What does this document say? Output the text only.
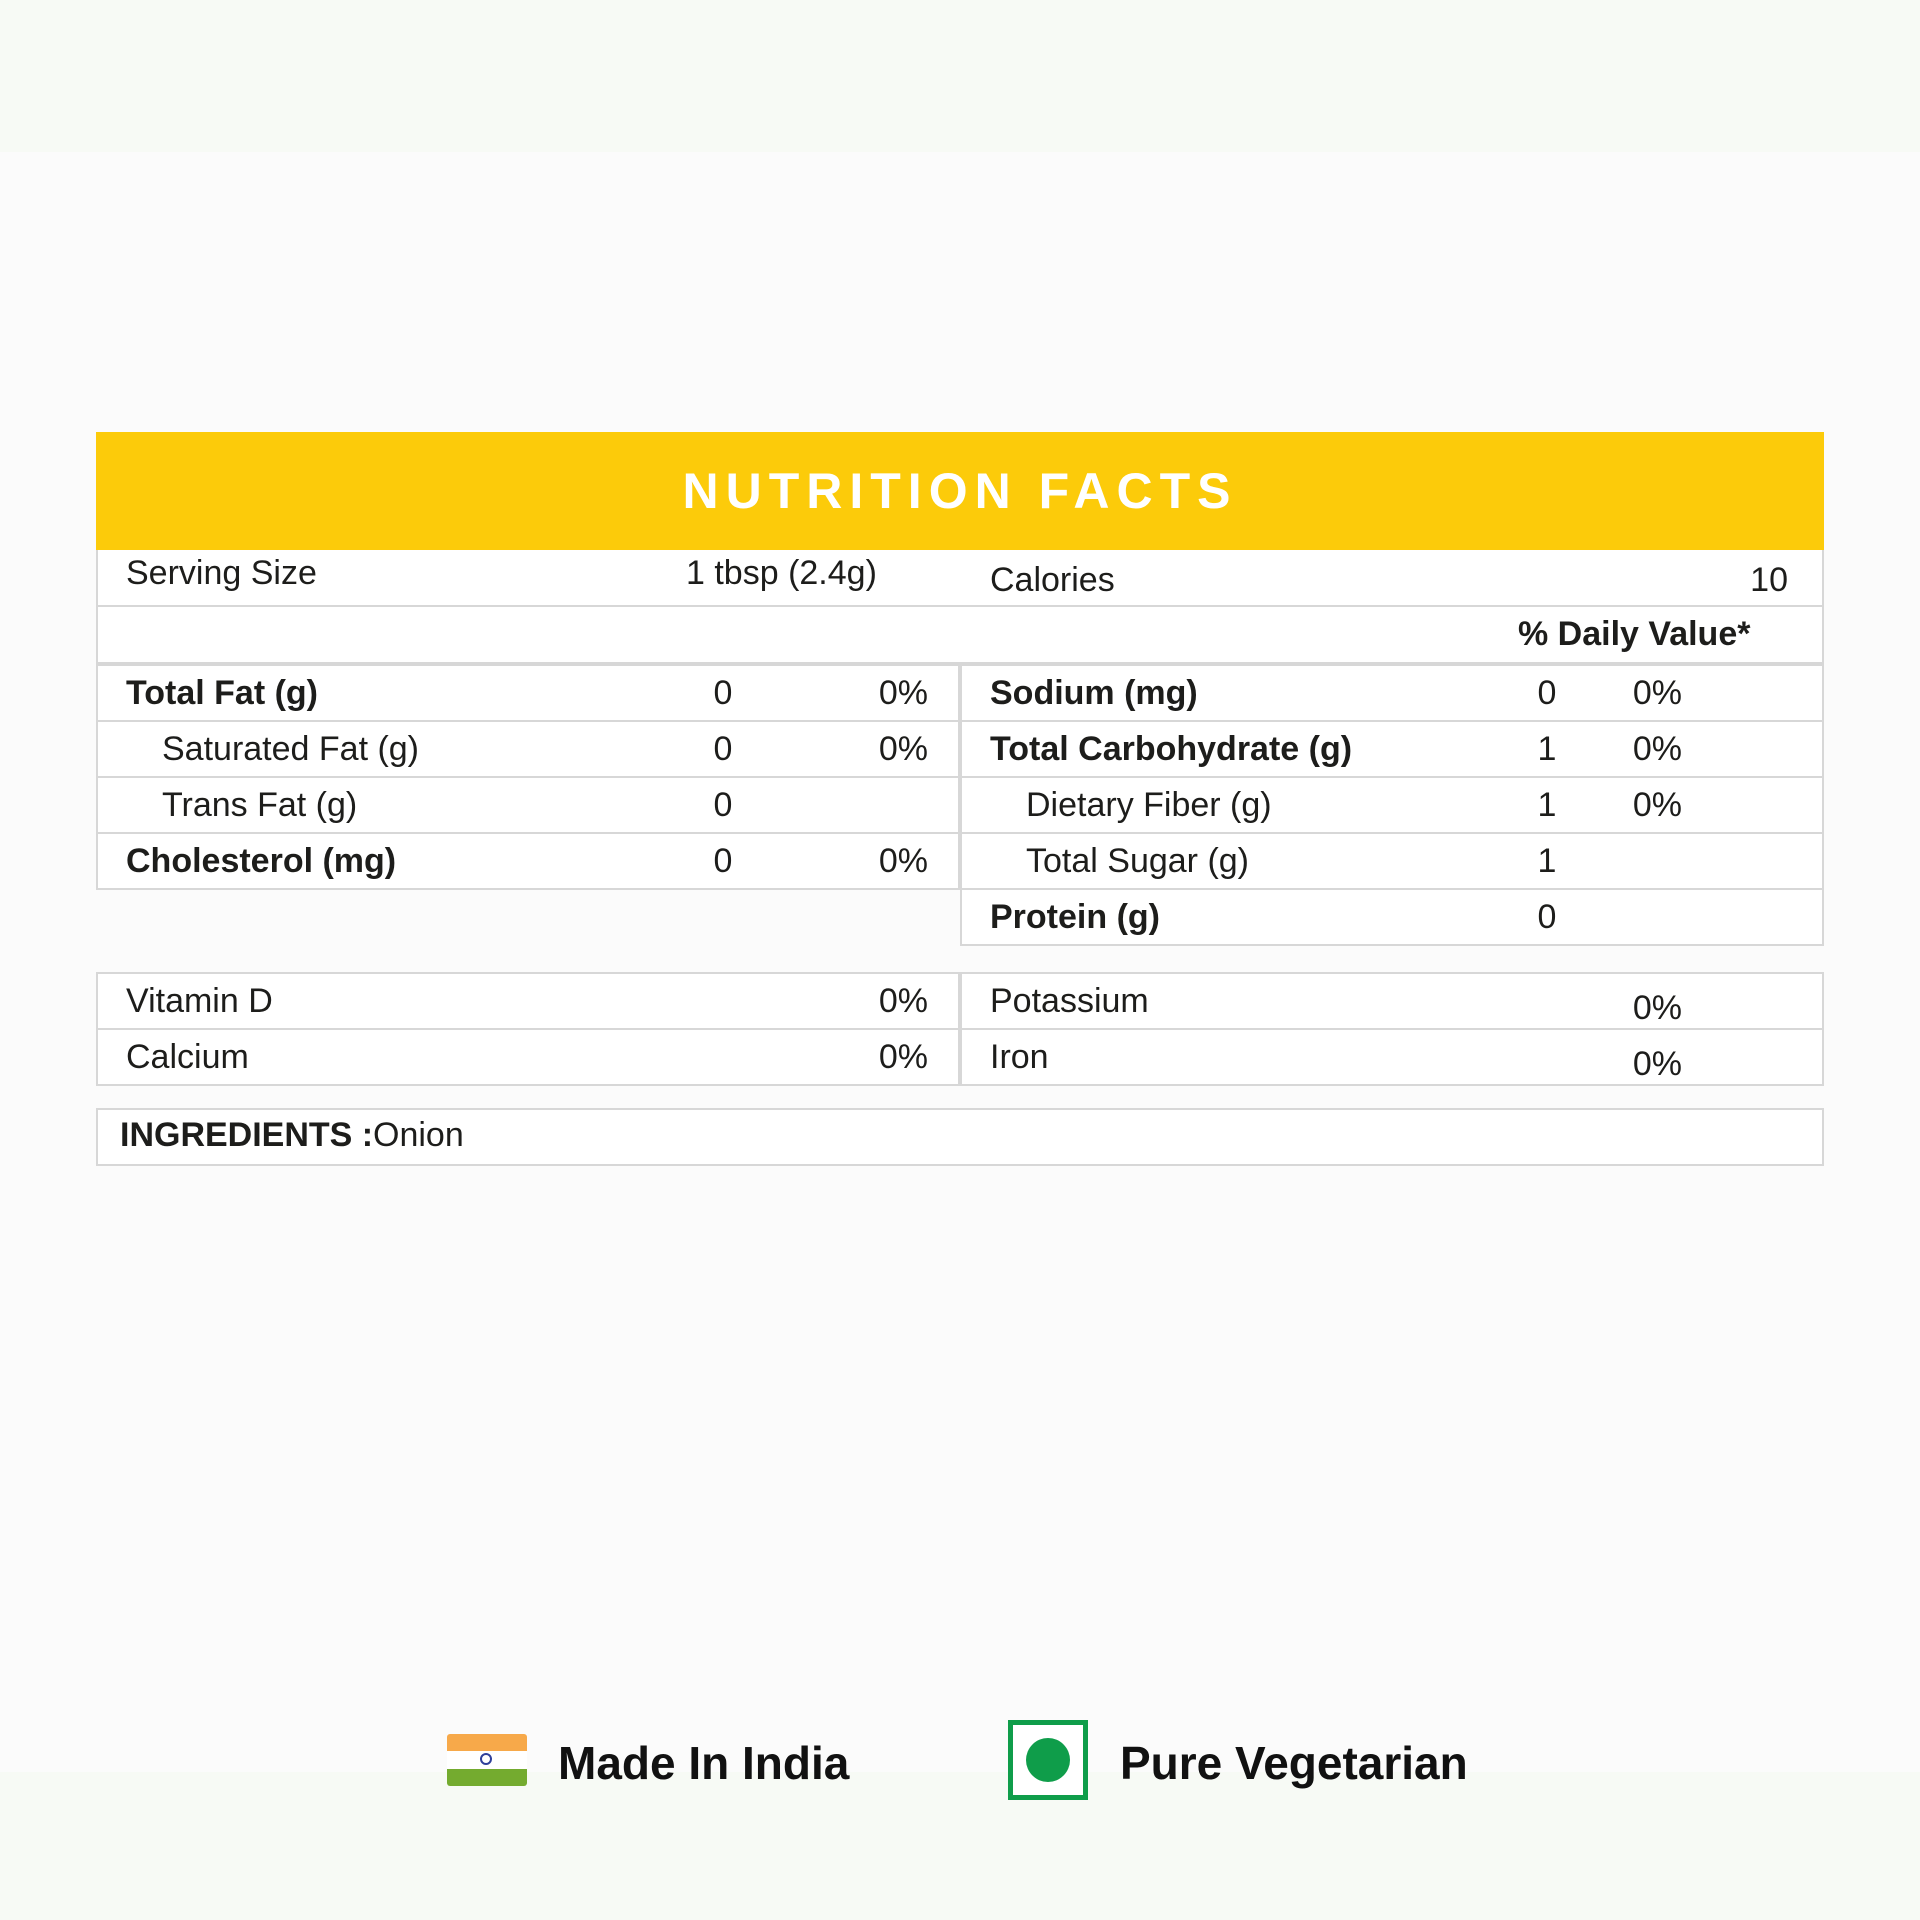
NUTRITION FACTS
Serving Size	1 tbsp (2.4g)	Calories	10
% Daily Value*
Total Fat (g)	0	0%
Saturated Fat (g)	0	0%
Trans Fat (g)	0
Cholesterol (mg)	0	0%
Sodium (mg)	0	0%
Total Carbohydrate (g)	1	0%
Dietary Fiber (g)	1	0%
Total Sugar (g)	1
Protein (g)	0
Vitamin D	0%
Calcium	0%
Potassium	0%
Iron	0%
INGREDIENTS : Onion
Made In India	Pure Vegetarian
